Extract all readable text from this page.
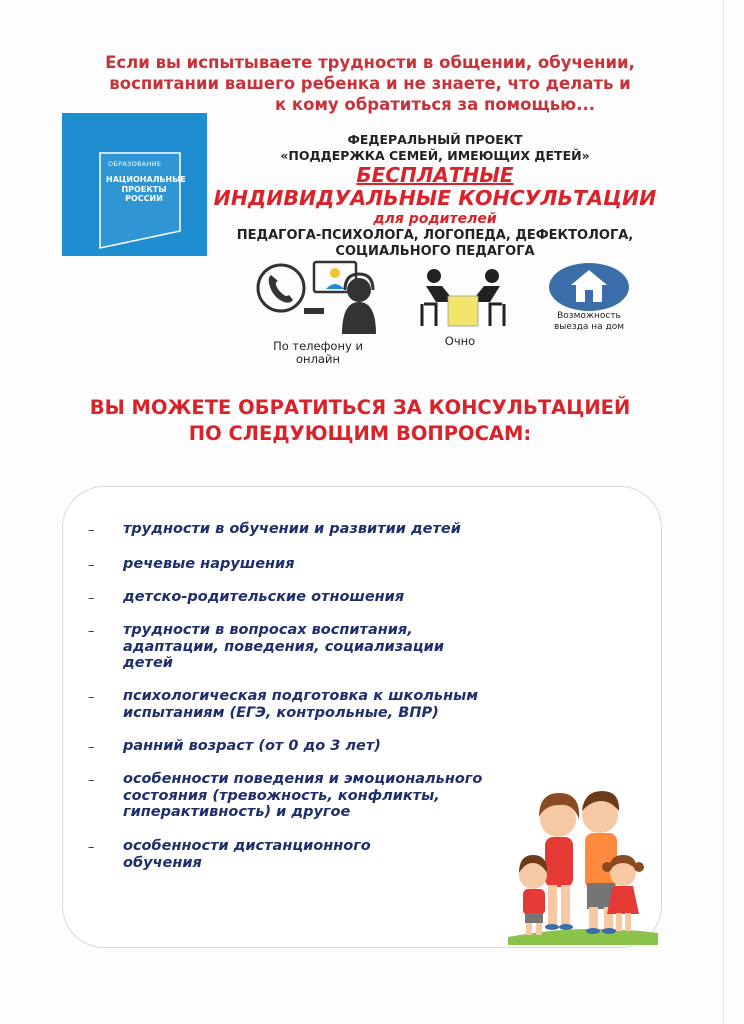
Если вы испытываете трудности в общении, обучении,
воспитании вашего ребенка и не знаете, что делать и
к кому обратиться за помощью...
ОБРАЗОВАНИЕ
НАЦИОНАЛЬНЫЕ
ПРОЕКТЫ
РОССИИ
ФЕДЕРАЛЬНЫЙ ПРОЕКТ
«ПОДДЕРЖКА СЕМЕЙ, ИМЕЮЩИХ ДЕТЕЙ»
БЕСПЛАТНЫЕ
ИНДИВИДУАЛЬНЫЕ КОНСУЛЬТАЦИИ
для родителей
ПЕДАГОГА-ПСИХОЛОГА, ЛОГОПЕДА, ДЕФЕКТОЛОГА,
СОЦИАЛЬНОГО ПЕДАГОГА
По телефону и
онлайн
Очно
Возможность
выезда на дом
ВЫ МОЖЕТЕ ОБРАТИТЬСЯ ЗА КОНСУЛЬТАЦИЕЙ
ПО СЛЕДУЮЩИМ ВОПРОСАМ:
– трудности в обучении и развитии детей
– речевые нарушения
– детско-родительские отношения
– трудности в вопросах воспитания,
адаптации, поведения, социализации
детей
– психологическая подготовка к школьным
испытаниям (ЕГЭ, контрольные, ВПР)
– ранний возраст (от 0 до 3 лет)
– особенности поведения и эмоционального
состояния (тревожность, конфликты,
гиперактивность) и другое
– особенности дистанционного
обучения
